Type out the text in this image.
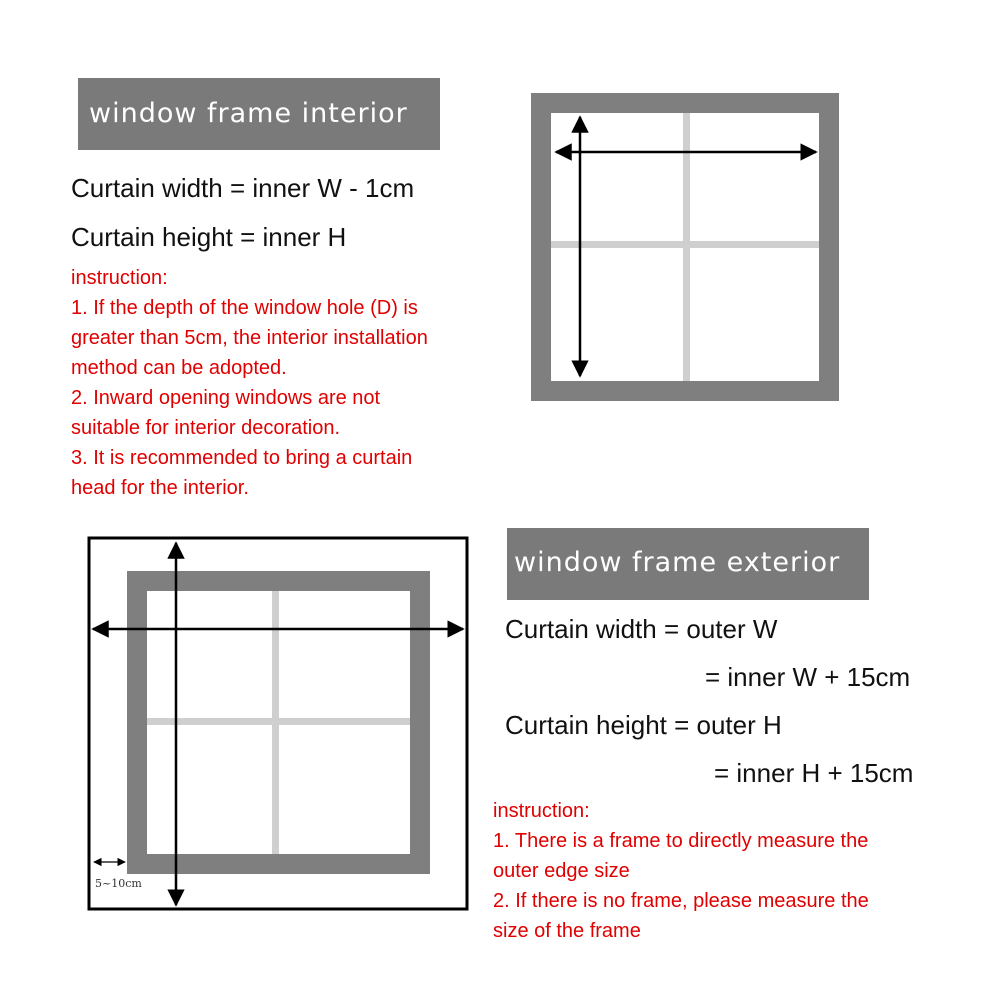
window frame interior

Curtain width = inner W - 1cm

Curtain height = inner H

instruction:
1. If the depth of the window hole (D) is
greater than 5cm, the interior installation
method can be adopted.
2. Inward opening windows are not
suitable for interior decoration.
3. It is recommended to bring a curtain
head for the interior.
window frame exterior

Curtain width = outer W

= inner W + 15cm

Curtain height = outer H

= inner H + 15cm

instruction:
1. There is a frame to directly measure the
outer edge size
2. If there is no frame, please measure the
size of the frame
5~10cm
